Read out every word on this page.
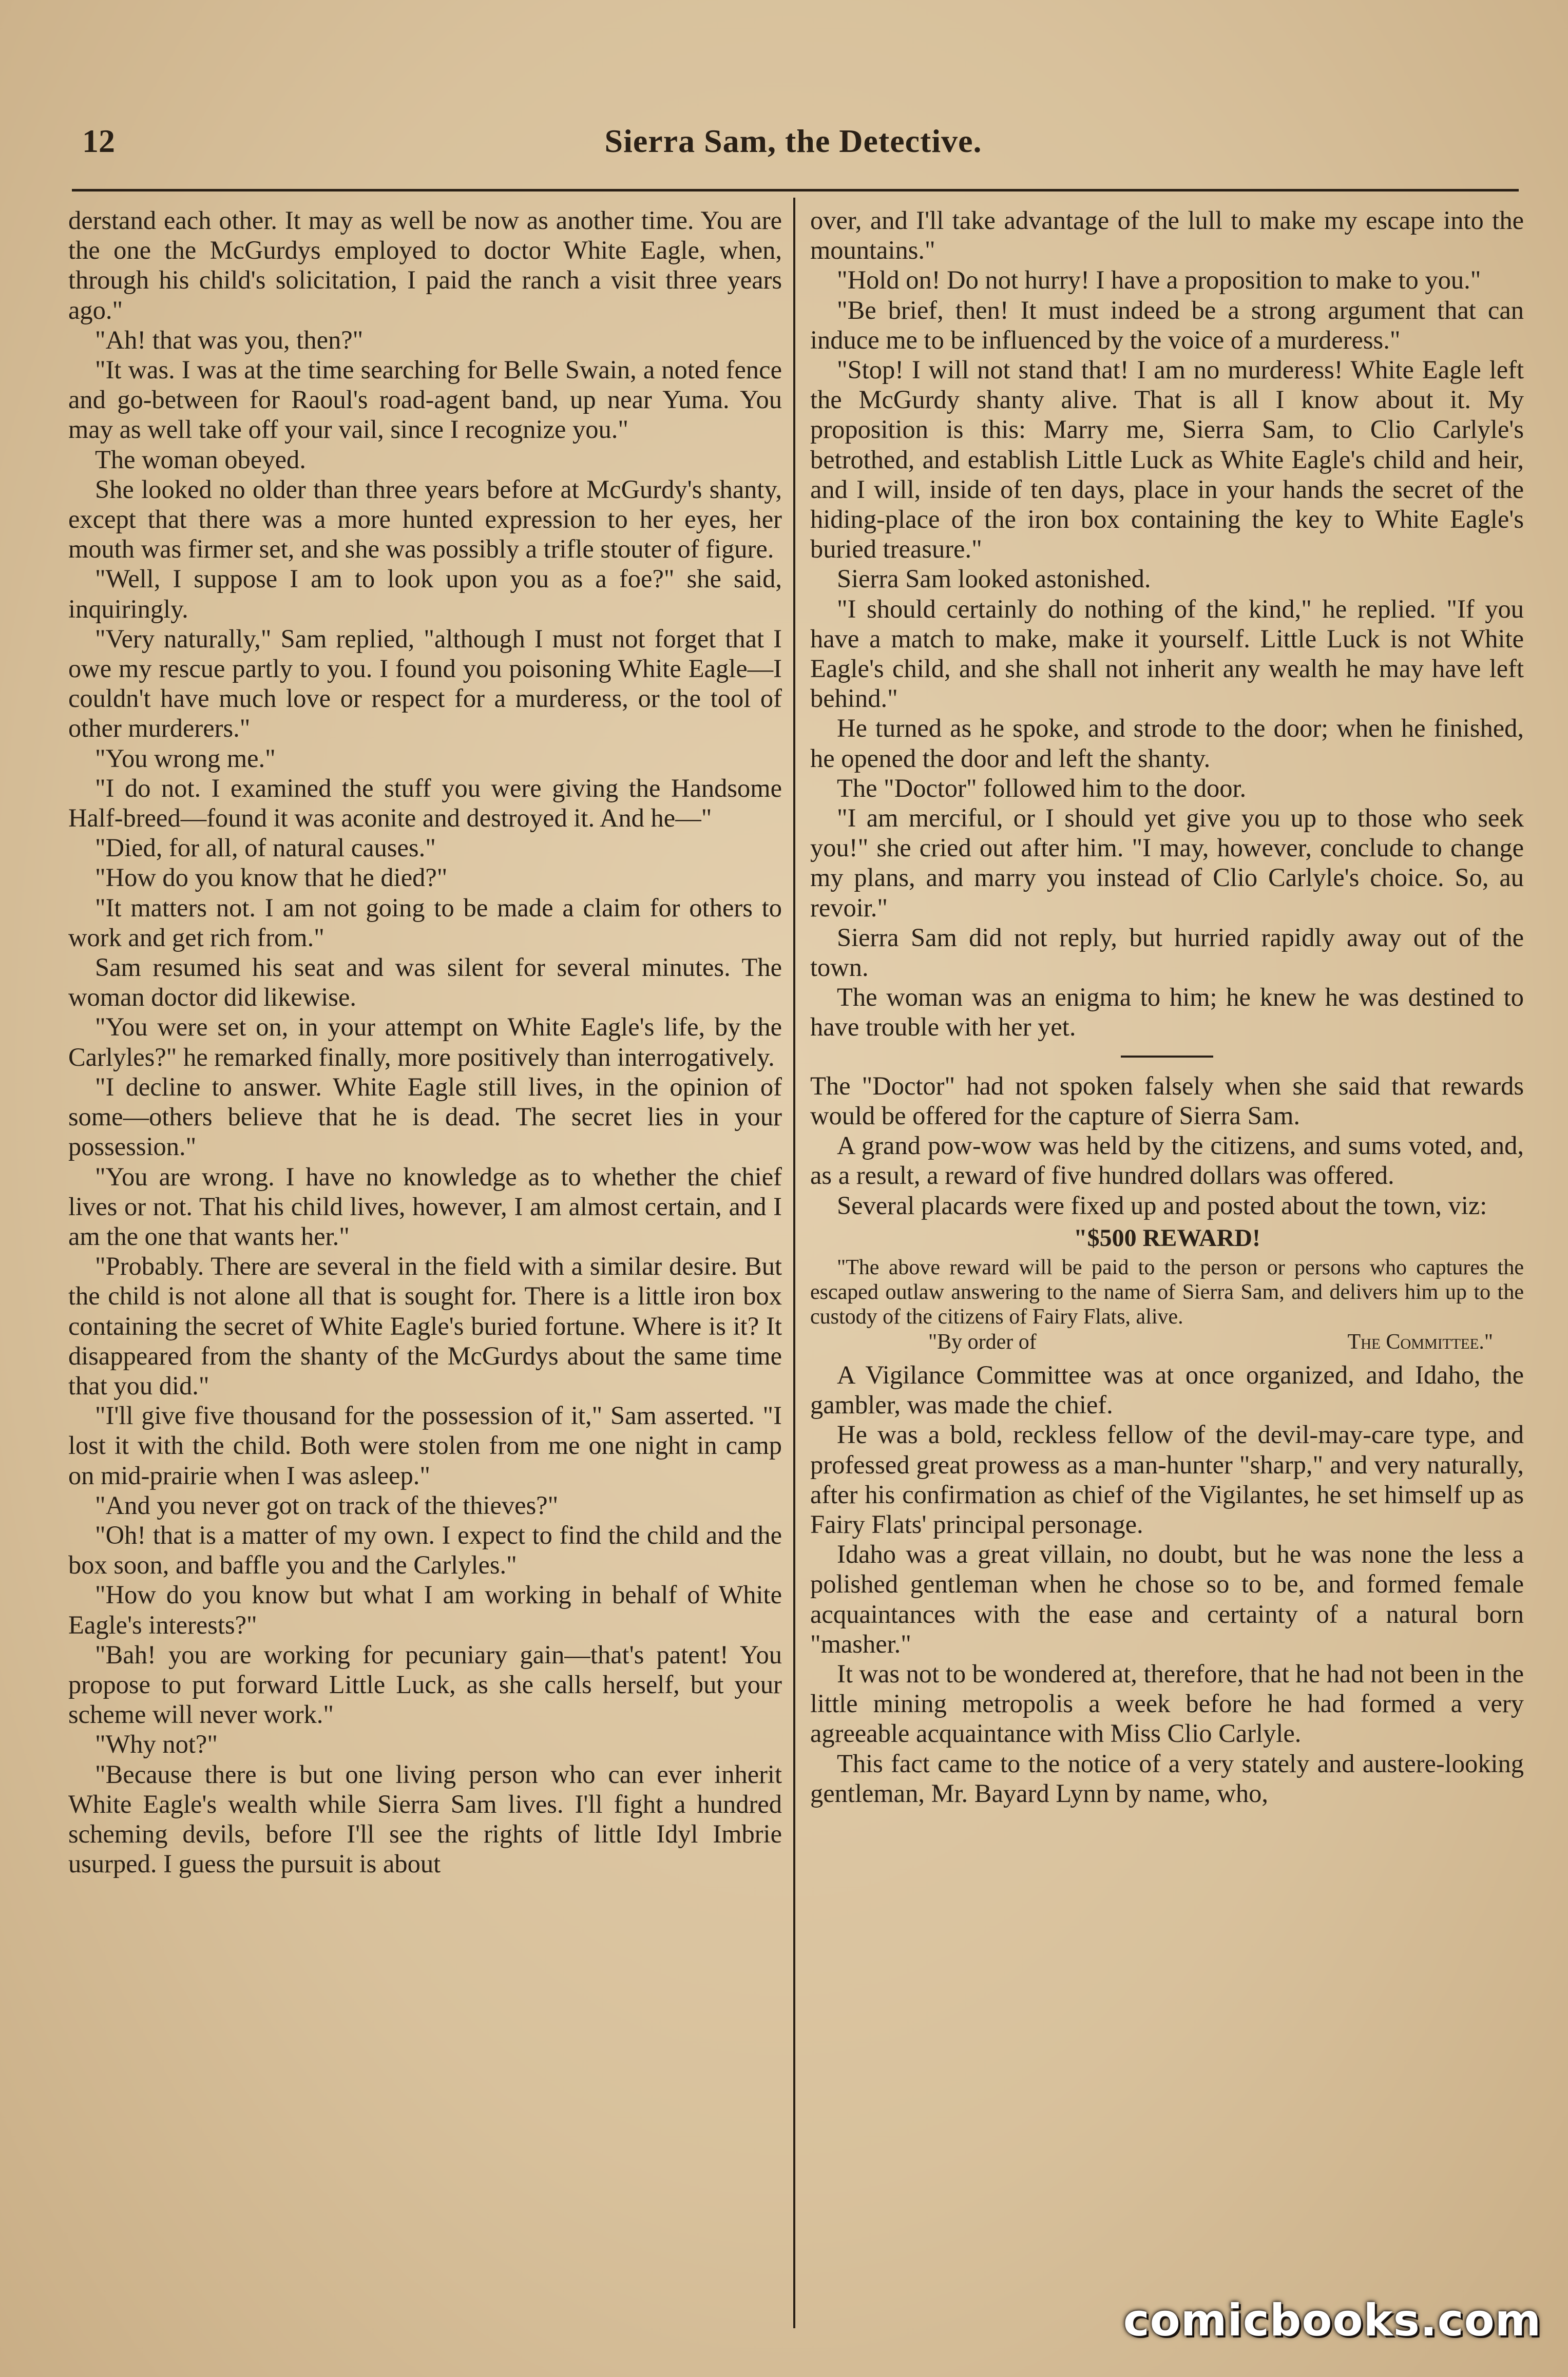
12	Sierra Sam, the Detective.

derstand each other. It may as well be now as another time. You are the one the McGurdys employed to doctor White Eagle, when, through his child's solicitation, I paid the ranch a visit three years ago."

"Ah! that was you, then?"

"It was. I was at the time searching for Belle Swain, a noted fence and go-between for Raoul's road-agent band, up near Yuma. You may as well take off your vail, since I recognize you."

The woman obeyed.

She looked no older than three years before at McGurdy's shanty, except that there was a more hunted expression to her eyes, her mouth was firmer set, and she was possibly a trifle stouter of figure.

"Well, I suppose I am to look upon you as a foe?" she said, inquiringly.

"Very naturally," Sam replied, "although I must not forget that I owe my rescue partly to you. I found you poisoning White Eagle—I couldn't have much love or respect for a murderess, or the tool of other murderers."

"You wrong me."

"I do not. I examined the stuff you were giving the Handsome Half-breed—found it was aconite and destroyed it. And he—"

"Died, for all, of natural causes."

"How do you know that he died?"

"It matters not. I am not going to be made a claim for others to work and get rich from."

Sam resumed his seat and was silent for several minutes. The woman doctor did likewise.

"You were set on, in your attempt on White Eagle's life, by the Carlyles?" he remarked finally, more positively than interrogatively.

"I decline to answer. White Eagle still lives, in the opinion of some—others believe that he is dead. The secret lies in your possession."

"You are wrong. I have no knowledge as to whether the chief lives or not. That his child lives, however, I am almost certain, and I am the one that wants her."

"Probably. There are several in the field with a similar desire. But the child is not alone all that is sought for. There is a little iron box containing the secret of White Eagle's buried fortune. Where is it? It disappeared from the shanty of the McGurdys about the same time that you did."

"I'll give five thousand for the possession of it," Sam asserted. "I lost it with the child. Both were stolen from me one night in camp on mid-prairie when I was asleep."

"And you never got on track of the thieves?"

"Oh! that is a matter of my own. I expect to find the child and the box soon, and baffle you and the Carlyles."

"How do you know but what I am working in behalf of White Eagle's interests?"

"Bah! you are working for pecuniary gain—that's patent! You propose to put forward Little Luck, as she calls herself, but your scheme will never work."

"Why not?"

"Because there is but one living person who can ever inherit White Eagle's wealth while Sierra Sam lives. I'll fight a hundred scheming devils, before I'll see the rights of little Idyl Imbrie usurped. I guess the pursuit is about

over, and I'll take advantage of the lull to make my escape into the mountains."

"Hold on! Do not hurry! I have a proposition to make to you."

"Be brief, then! It must indeed be a strong argument that can induce me to be influenced by the voice of a murderess."

"Stop! I will not stand that! I am no murderess! White Eagle left the McGurdy shanty alive. That is all I know about it. My proposition is this: Marry me, Sierra Sam, to Clio Carlyle's betrothed, and establish Little Luck as White Eagle's child and heir, and I will, inside of ten days, place in your hands the secret of the hiding-place of the iron box containing the key to White Eagle's buried treasure."

Sierra Sam looked astonished.

"I should certainly do nothing of the kind," he replied. "If you have a match to make, make it yourself. Little Luck is not White Eagle's child, and she shall not inherit any wealth he may have left behind."

He turned as he spoke, and strode to the door; when he finished, he opened the door and left the shanty.

The "Doctor" followed him to the door.

"I am merciful, or I should yet give you up to those who seek you!" she cried out after him. "I may, however, conclude to change my plans, and marry you instead of Clio Carlyle's choice. So, au revoir."

Sierra Sam did not reply, but hurried rapidly away out of the town.

The woman was an enigma to him; he knew he was destined to have trouble with her yet.

The "Doctor" had not spoken falsely when she said that rewards would be offered for the capture of Sierra Sam.

A grand pow-wow was held by the citizens, and sums voted, and, as a result, a reward of five hundred dollars was offered.

Several placards were fixed up and posted about the town, viz:

"$500 REWARD!

"The above reward will be paid to the person or persons who captures the escaped outlaw answering to the name of Sierra Sam, and delivers him up to the custody of the citizens of Fairy Flats, alive.

"By order of	The Committee."

A Vigilance Committee was at once organized, and Idaho, the gambler, was made the chief.

He was a bold, reckless fellow of the devil-may-care type, and professed great prowess as a man-hunter "sharp," and very naturally, after his confirmation as chief of the Vigilantes, he set himself up as Fairy Flats' principal personage.

Idaho was a great villain, no doubt, but he was none the less a polished gentleman when he chose so to be, and formed female acquaintances with the ease and certainty of a natural born "masher."

It was not to be wondered at, therefore, that he had not been in the little mining metropolis a week before he had formed a very agreeable acquaintance with Miss Clio Carlyle.

This fact came to the notice of a very stately and austere-looking gentleman, Mr. Bayard Lynn by name, who,

comicbooks.com
